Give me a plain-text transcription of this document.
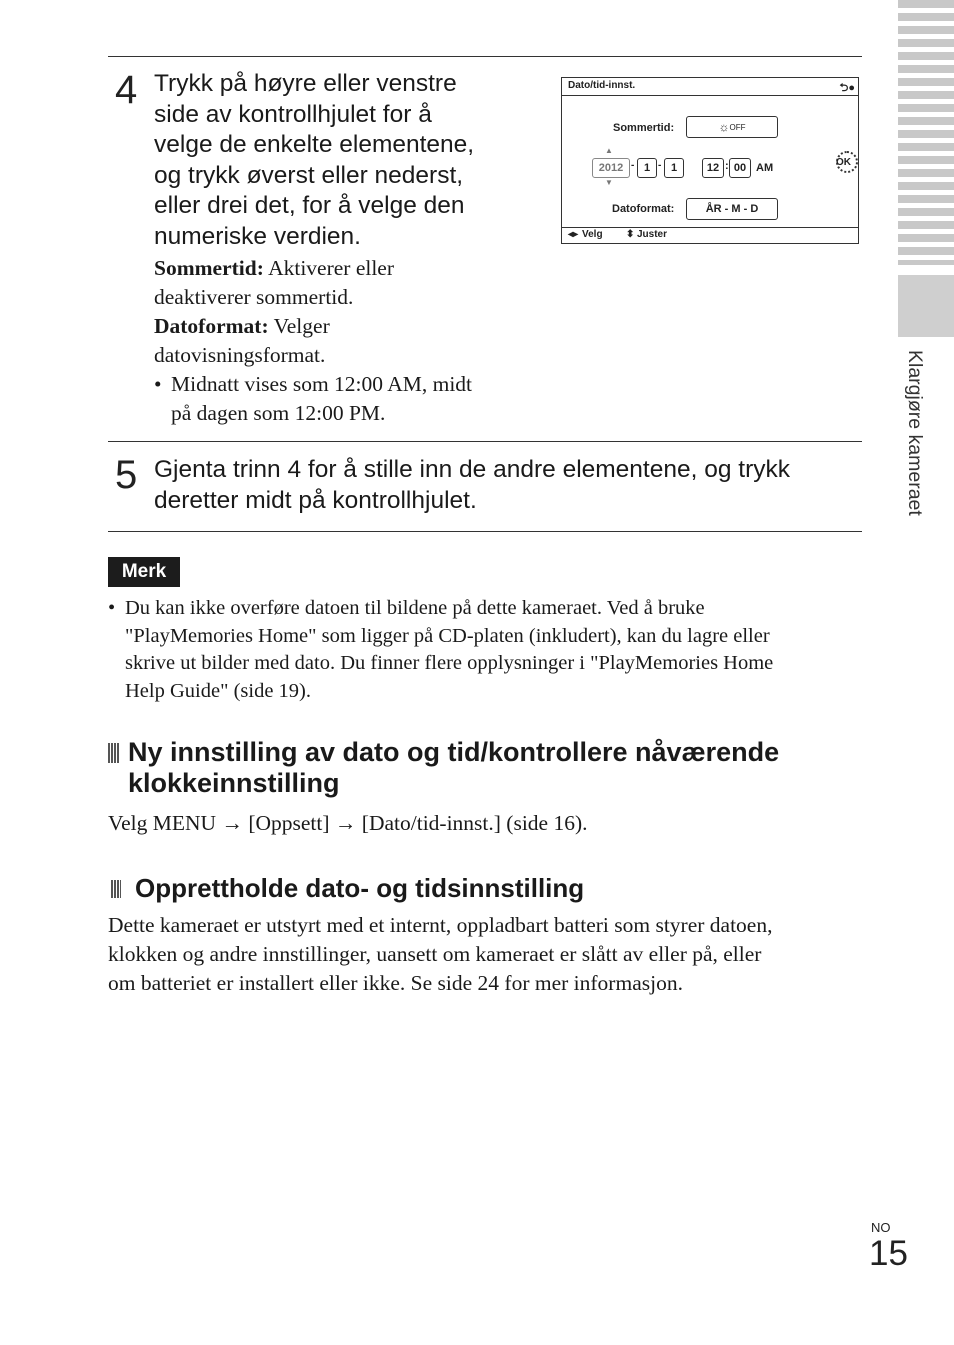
Klargjøre kameraet
4 Trykk på høyre eller venstre

side av kontrollhjulet for å

velge de enkelte elementene,

og trykk øverst eller nederst,

eller drei det, for å velge den

numeriske verdien.

Sommertid: Aktiverer eller

deaktiverer sommertid.

Datoformat: Velger

datovisningsformat.

• Midnatt vises som 12:00 AM, midt

på dagen som 12:00 PM.

Dato/tid-innst.	⮌●
Sommertid:	☼ OFF
▲
2012
▼
- 1 - 1	12 : 00 AM	OK
Datoformat:	ÅR - M - D
◂▸ Velg ⬍ Juster
5 Gjenta trinn 4 for å stille inn de andre elementene, og trykk

deretter midt på kontrollhjulet.

Merk
• Du kan ikke overføre datoen til bildene på dette kameraet. Ved å bruke
"PlayMemories Home" som ligger på CD-platen (inkludert), kan du lagre eller
skrive ut bilder med dato. Du finner flere opplysninger i "PlayMemories Home
Help Guide" (side 19).
Ny innstilling av dato og tid/kontrollere nåværende
klokkeinnstilling
Velg MENU → [Oppsett] → [Dato/tid-innst.] (side 16).
Opprettholde dato- og tidsinnstilling
Dette kameraet er utstyrt med et internt, oppladbart batteri som styrer datoen,
klokken og andre innstillinger, uansett om kameraet er slått av eller på, eller
om batteriet er installert eller ikke. Se side 24 for mer informasjon.
NO
15
